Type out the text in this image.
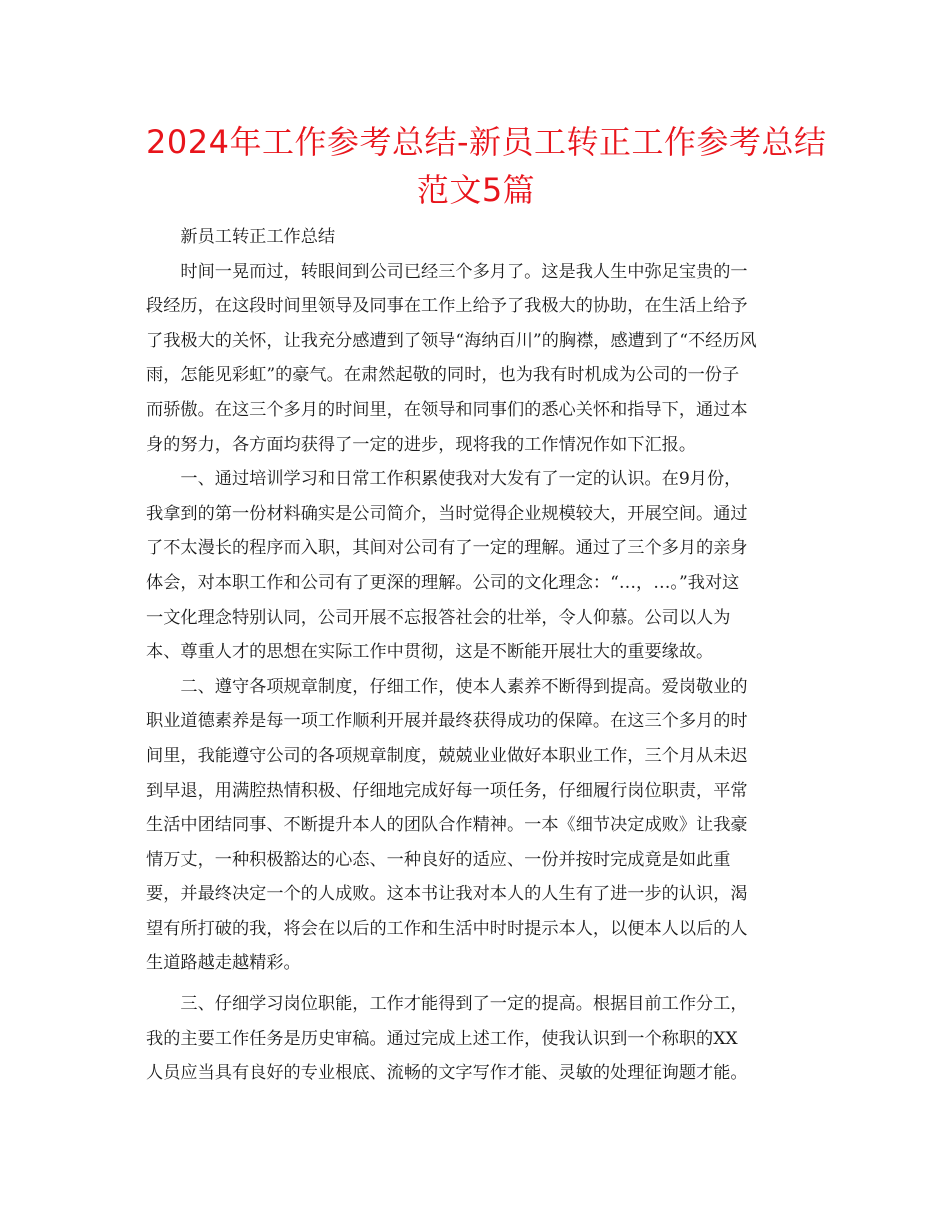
2024年工作参考总结-新员工转正工作参考总结
范文5篇

新员工转正工作总结

时间一晃而过，转眼间到公司已经三个多月了。这是我人生中弥足宝贵的一
段经历，在这段时间里领导及同事在工作上给予了我极大的协助，在生活上给予
了我极大的关怀，让我充分感遭到了领导“海纳百川”的胸襟，感遭到了“不经历风
雨，怎能见彩虹”的豪气。在肃然起敬的同时，也为我有时机成为公司的一份子
而骄傲。在这三个多月的时间里，在领导和同事们的悉心关怀和指导下，通过本
身的努力，各方面均获得了一定的进步，现将我的工作情况作如下汇报。

一、通过培训学习和日常工作积累使我对大发有了一定的认识。在9月份，
我拿到的第一份材料确实是公司简介，当时觉得企业规模较大，开展空间。通过
了不太漫长的程序而入职，其间对公司有了一定的理解。通过了三个多月的亲身
体会，对本职工作和公司有了更深的理解。公司的文化理念：“…，…。”我对这
一文化理念特别认同，公司开展不忘报答社会的壮举，令人仰慕。公司以人为
本、尊重人才的思想在实际工作中贯彻，这是不断能开展壮大的重要缘故。

二、遵守各项规章制度，仔细工作，使本人素养不断得到提高。爱岗敬业的
职业道德素养是每一项工作顺利开展并最终获得成功的保障。在这三个多月的时
间里，我能遵守公司的各项规章制度，兢兢业业做好本职业工作，三个月从未迟
到早退，用满腔热情积极、仔细地完成好每一项任务，仔细履行岗位职责，平常
生活中团结同事、不断提升本人的团队合作精神。一本《细节决定成败》让我豪
情万丈，一种积极豁达的心态、一种良好的适应、一份并按时完成竟是如此重
要，并最终决定一个的人成败。这本书让我对本人的人生有了进一步的认识，渴
望有所打破的我，将会在以后的工作和生活中时时提示本人，以便本人以后的人
生道路越走越精彩。

三、仔细学习岗位职能，工作才能得到了一定的提高。根据目前工作分工，
我的主要工作任务是历史审稿。通过完成上述工作，使我认识到一个称职的XX
人员应当具有良好的专业根底、流畅的文字写作才能、灵敏的处理征询题才能。
